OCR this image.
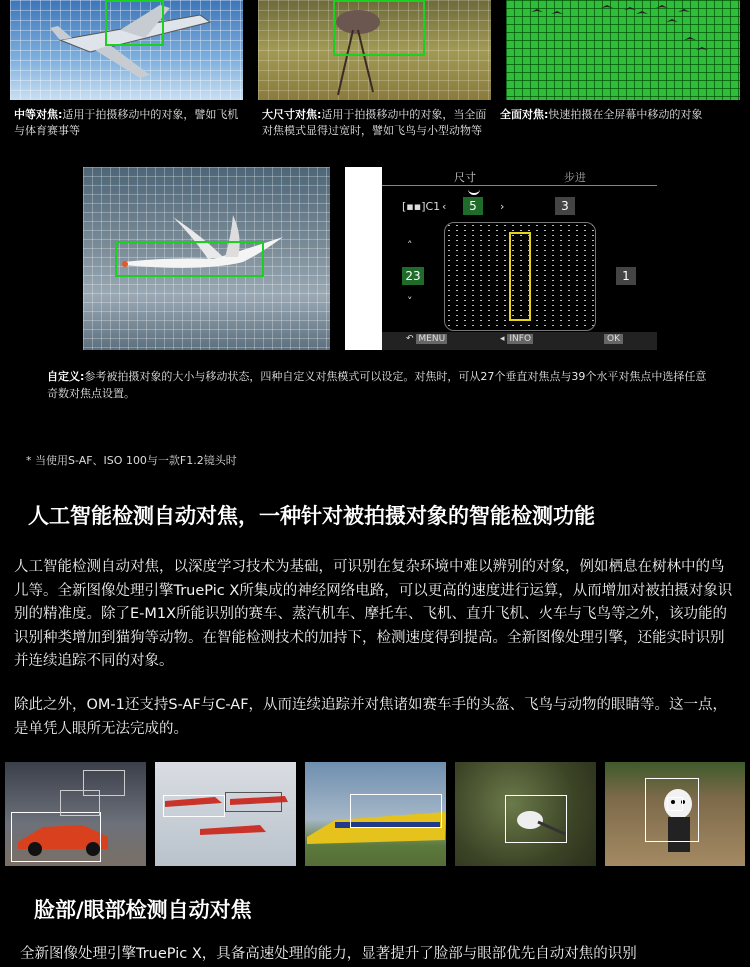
中等对焦:适用于拍摄移动中的对象，譬如飞机与体育赛事等
大尺寸对焦:适用于拍摄移动中的对象，当全面对焦模式显得过宽时，譬如飞鸟与小型动物等
全面对焦:快速拍摄在全屏幕中移动的对象
尺寸	步进
[▪▪]C1 ‹	5	›	3
˄
23
˅
1
↶ MENU	◂ INFO	OK
自定义:参考被拍摄对象的大小与移动状态，四种自定义对焦模式可以设定。对焦时，可从27个垂直对焦点与39个水平对焦点中选择任意奇数对焦点设置。
* 当使用S-AF、ISO 100与一款F1.2镜头时
人工智能检测自动对焦，一种针对被拍摄对象的智能检测功能
人工智能检测自动对焦，以深度学习技术为基础，可识别在复杂环境中难以辨别的对象，例如栖息在树林中的鸟儿等。全新图像处理引擎TruePic X所集成的神经网络电路，可以更高的速度进行运算，从而增加对被拍摄对象识别的精准度。除了E-M1X所能识别的赛车、蒸汽机车、摩托车、飞机、直升飞机、火车与飞鸟等之外，该功能的识别种类增加到猫狗等动物。在智能检测技术的加持下，检测速度得到提高。全新图像处理引擎，还能实时识别并连续追踪不同的对象。
除此之外，OM-1还支持S-AF与C-AF，从而连续追踪并对焦诸如赛车手的头盔、飞鸟与动物的眼睛等。这一点，是单凭人眼所无法完成的。
脸部/眼部检测自动对焦
全新图像处理引擎TruePic X，具备高速处理的能力，显著提升了脸部与眼部优先自动对焦的识别
